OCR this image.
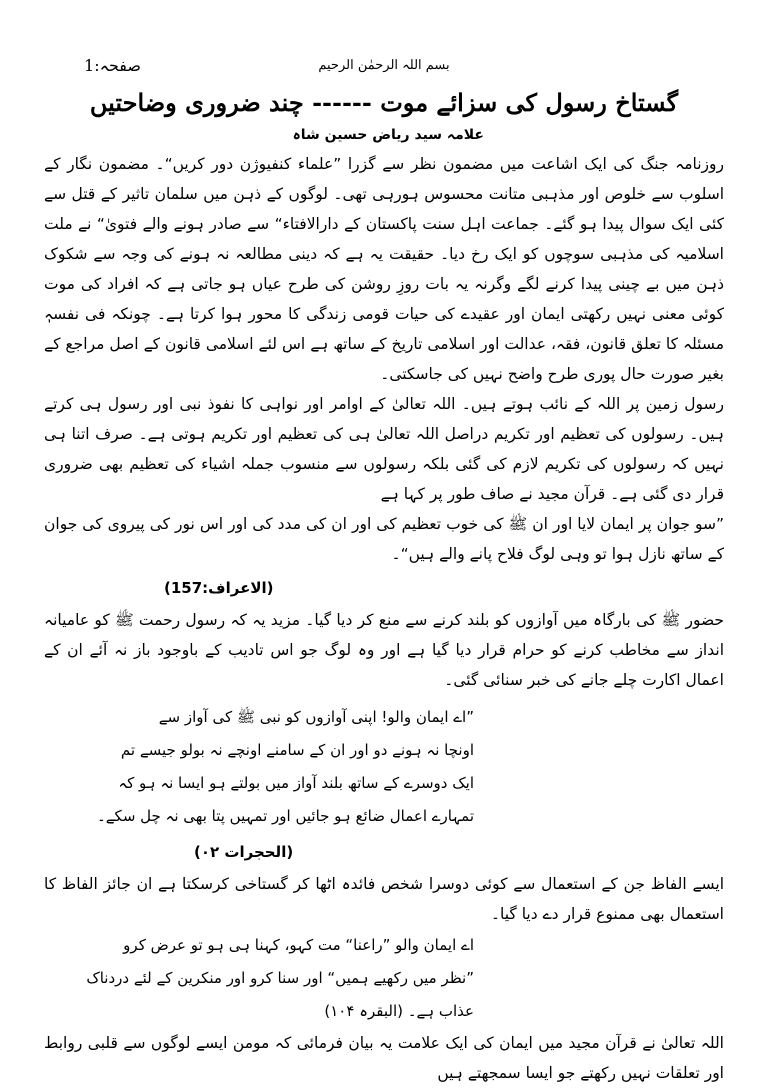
بسم اللہ الرحمٰن الرحیم
صفحہ:1
گستاخ رسول کی سزائے موت ------ چند ضروری وضاحتیں
علامہ سید ریاض حسین شاہ

روزنامہ جنگ کی ایک اشاعت میں مضمون نظر سے گزرا ”علماء کنفیوژن دور کریں“۔ مضمون نگار کے اسلوب سے خلوص اور مذہبی متانت محسوس ہورہی تھی۔ لوگوں کے ذہن میں سلمان تاثیر کے قتل سے کئی ایک سوال پیدا ہو گئے۔ جماعت اہل سنت پاکستان کے دارالافتاء“ سے صادر ہونے والے فتویٰ“ نے ملت اسلامیہ کی مذہبی سوچوں کو ایک رخ دیا۔ حقیقت یہ ہے کہ دینی مطالعہ نہ ہونے کی وجہ سے شکوک ذہن میں بے چینی پیدا کرنے لگے وگرنہ یہ بات روزِ روشن کی طرح عیاں ہو جاتی ہے کہ افراد کی موت کوئی معنی نہیں رکھتی ایمان اور عقیدے کی حیات قومی زندگی کا محور ہوا کرتا ہے۔ چونکہ فی نفسہٖ مسئلہ کا تعلق قانون، فقہ، عدالت اور اسلامی تاریخ کے ساتھ ہے اس لئے اسلامی قانون کے اصل مراجع کے بغیر صورت حال پوری طرح واضح نہیں کی جاسکتی۔

رسول زمین پر اللہ کے نائب ہوتے ہیں۔ اللہ تعالیٰ کے اوامر اور نواہی کا نفوذ نبی اور رسول ہی کرتے ہیں۔ رسولوں کی تعظیم اور تکریم دراصل اللہ تعالیٰ ہی کی تعظیم اور تکریم ہوتی ہے۔ صرف اتنا ہی نہیں کہ رسولوں کی تکریم لازم کی گئی بلکہ رسولوں سے منسوب جملہ اشیاء کی تعظیم بھی ضروری قرار دی گئی ہے۔ قرآن مجید نے صاف طور پر کہا ہے

”سو جوان پر ایمان لایا اور ان ﷺ کی خوب تعظیم کی اور ان کی مدد کی اور اس نور کی پیروی کی جوان کے ساتھ نازل ہوا تو وہی لوگ فلاح پانے والے ہیں“۔

(الاعراف:157)

حضور ﷺ کی بارگاہ میں آوازوں کو بلند کرنے سے منع کر دیا گیا۔ مزید یہ کہ رسول رحمت ﷺ کو عامیانہ انداز سے مخاطب کرنے کو حرام قرار دیا گیا ہے اور وہ لوگ جو اس تادیب کے باوجود باز نہ آئے ان کے اعمال اکارت چلے جانے کی خبر سنائی گئی۔

”اے ایمان والو! اپنی آوازوں کو نبی ﷺ کی آواز سے
اونچا نہ ہونے دو اور ان کے سامنے اونچے نہ بولو جیسے تم
ایک دوسرے کے ساتھ بلند آواز میں بولتے ہو ایسا نہ ہو کہ
تمہارے اعمال ضائع ہو جائیں اور تمہیں پتا بھی نہ چل سکے۔
(الحجرات ۰۲)

ایسے الفاظ جن کے استعمال سے کوئی دوسرا شخص فائدہ اٹھا کر گستاخی کرسکتا ہے ان جائز الفاظ کا استعمال بھی ممنوع قرار دے دیا گیا۔

اے ایمان والو ”راعنا“ مت کہو، کہنا ہی ہو تو عرض کرو
”نظر میں رکھیے ہمیں“ اور سنا کرو اور منکرین کے لئے دردناک
عذاب ہے۔ (البقرہ ۱۰۴)

اللہ تعالیٰ نے قرآن مجید میں ایمان کی ایک علامت یہ بیان فرمائی کہ مومن ایسے لوگوں سے قلبی روابط اور تعلقات نہیں رکھتے جو ایسا سمجھتے ہیں
